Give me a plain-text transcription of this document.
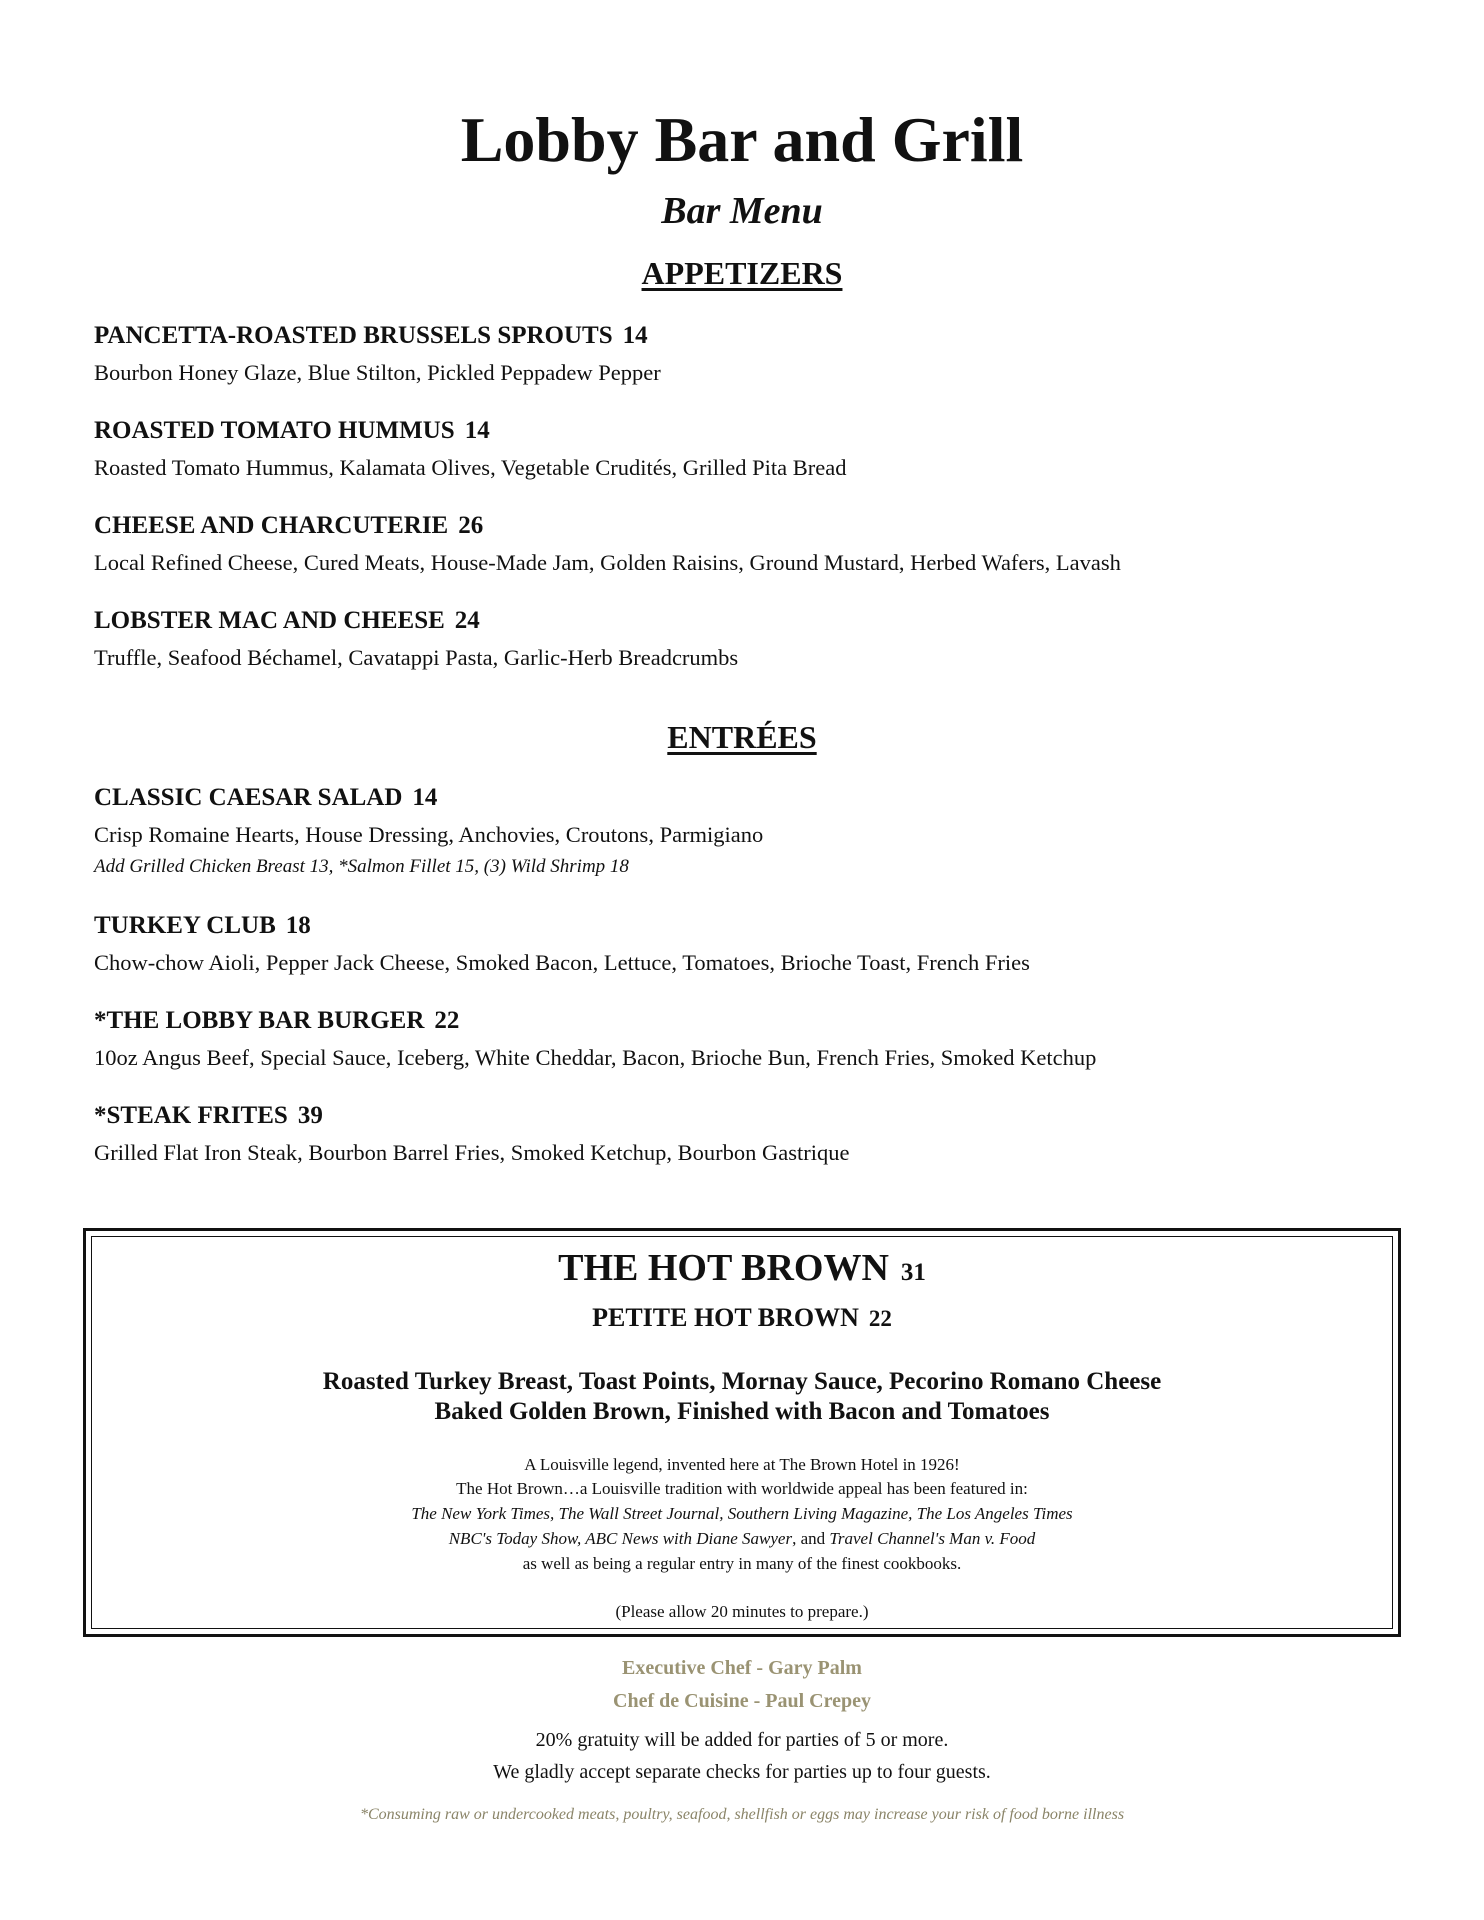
Lobby Bar and Grill
Bar Menu
APPETIZERS

PANCETTA-ROASTED BRUSSELS SPROUTS 14

Bourbon Honey Glaze, Blue Stilton, Pickled Peppadew Pepper

ROASTED TOMATO HUMMUS 14

Roasted Tomato Hummus, Kalamata Olives, Vegetable Crudités, Grilled Pita Bread

CHEESE AND CHARCUTERIE 26

Local Refined Cheese, Cured Meats, House-Made Jam, Golden Raisins, Ground Mustard, Herbed Wafers, Lavash

LOBSTER MAC AND CHEESE 24

Truffle, Seafood Béchamel, Cavatappi Pasta, Garlic-Herb Breadcrumbs

ENTRÉES

CLASSIC CAESAR SALAD 14

Crisp Romaine Hearts, House Dressing, Anchovies, Croutons, Parmigiano

Add Grilled Chicken Breast 13, *Salmon Fillet 15, (3) Wild Shrimp 18

TURKEY CLUB 18

Chow-chow Aioli, Pepper Jack Cheese, Smoked Bacon, Lettuce, Tomatoes, Brioche Toast, French Fries

*THE LOBBY BAR BURGER 22

10oz Angus Beef, Special Sauce, Iceberg, White Cheddar, Bacon, Brioche Bun, French Fries, Smoked Ketchup

*STEAK FRITES 39

Grilled Flat Iron Steak, Bourbon Barrel Fries, Smoked Ketchup, Bourbon Gastrique

THE HOT BROWN 31

PETITE HOT BROWN 22

Roasted Turkey Breast, Toast Points, Mornay Sauce, Pecorino Romano Cheese

Baked Golden Brown, Finished with Bacon and Tomatoes

A Louisville legend, invented here at The Brown Hotel in 1926!

The Hot Brown…a Louisville tradition with worldwide appeal has been featured in:

The New York Times, The Wall Street Journal, Southern Living Magazine, The Los Angeles Times

NBC's Today Show, ABC News with Diane Sawyer, and Travel Channel's Man v. Food

as well as being a regular entry in many of the finest cookbooks.

(Please allow 20 minutes to prepare.)

Executive Chef - Gary Palm

Chef de Cuisine - Paul Crepey

20% gratuity will be added for parties of 5 or more.

We gladly accept separate checks for parties up to four guests.

*Consuming raw or undercooked meats, poultry, seafood, shellfish or eggs may increase your risk of food borne illness
